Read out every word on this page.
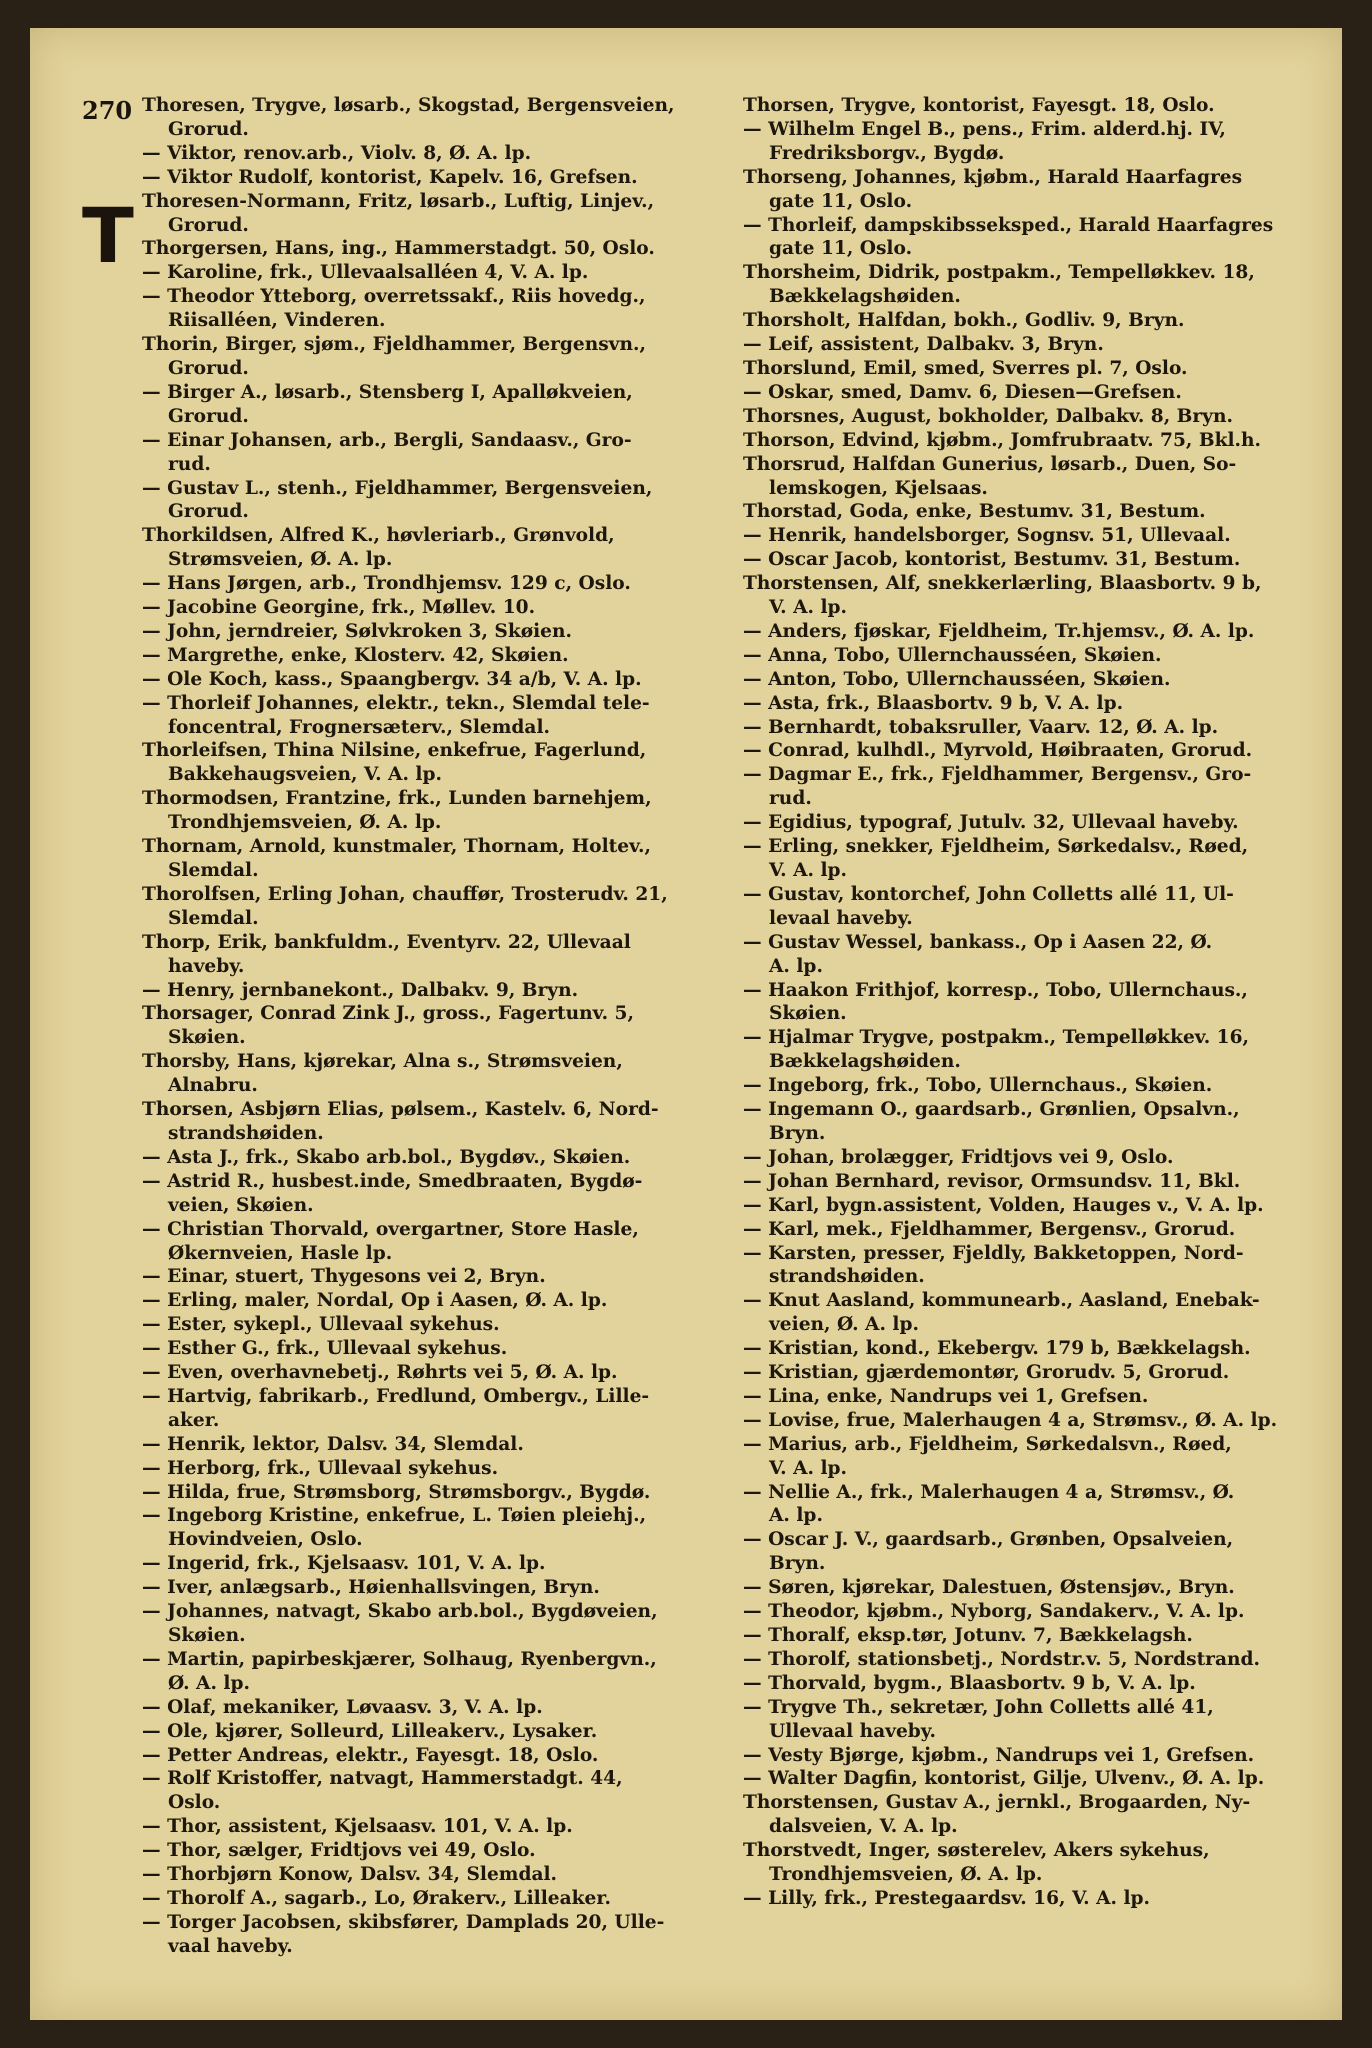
270
T
Thoresen, Trygve, løsarb., Skogstad, Bergensveien,
Grorud.
— Viktor, renov.arb., Violv. 8, Ø. A. lp.
— Viktor Rudolf, kontorist, Kapelv. 16, Grefsen.
Thoresen-Normann, Fritz, løsarb., Luftig, Linjev.,
Grorud.
Thorgersen, Hans, ing., Hammerstadgt. 50, Oslo.
— Karoline, frk., Ullevaalsalléen 4, V. A. lp.
— Theodor Ytteborg, overretssakf., Riis hovedg.,
Riisalléen, Vinderen.
Thorin, Birger, sjøm., Fjeldhammer, Bergensvn.,
Grorud.
— Birger A., løsarb., Stensberg I, Apalløkveien,
Grorud.
— Einar Johansen, arb., Bergli, Sandaasv., Gro-
rud.
— Gustav L., stenh., Fjeldhammer, Bergensveien,
Grorud.
Thorkildsen, Alfred K., høvleriarb., Grønvold,
Strømsveien, Ø. A. lp.
— Hans Jørgen, arb., Trondhjemsv. 129 c, Oslo.
— Jacobine Georgine, frk., Møllev. 10.
— John, jerndreier, Sølvkroken 3, Skøien.
— Margrethe, enke, Klosterv. 42, Skøien.
— Ole Koch, kass., Spaangbergv. 34 a/b, V. A. lp.
— Thorleif Johannes, elektr., tekn., Slemdal tele-
foncentral, Frognersæterv., Slemdal.
Thorleifsen, Thina Nilsine, enkefrue, Fagerlund,
Bakkehaugsveien, V. A. lp.
Thormodsen, Frantzine, frk., Lunden barnehjem,
Trondhjemsveien, Ø. A. lp.
Thornam, Arnold, kunstmaler, Thornam, Holtev.,
Slemdal.
Thorolfsen, Erling Johan, chauffør, Trosterudv. 21,
Slemdal.
Thorp, Erik, bankfuldm., Eventyrv. 22, Ullevaal
haveby.
— Henry, jernbanekont., Dalbakv. 9, Bryn.
Thorsager, Conrad Zink J., gross., Fagertunv. 5,
Skøien.
Thorsby, Hans, kjørekar, Alna s., Strømsveien,
Alnabru.
Thorsen, Asbjørn Elias, pølsem., Kastelv. 6, Nord-
strandshøiden.
— Asta J., frk., Skabo arb.bol., Bygdøv., Skøien.
— Astrid R., husbest.inde, Smedbraaten, Bygdø-
veien, Skøien.
— Christian Thorvald, overgartner, Store Hasle,
Økernveien, Hasle lp.
— Einar, stuert, Thygesons vei 2, Bryn.
— Erling, maler, Nordal, Op i Aasen, Ø. A. lp.
— Ester, sykepl., Ullevaal sykehus.
— Esther G., frk., Ullevaal sykehus.
— Even, overhavnebetj., Røhrts vei 5, Ø. A. lp.
— Hartvig, fabrikarb., Fredlund, Ombergv., Lille-
aker.
— Henrik, lektor, Dalsv. 34, Slemdal.
— Herborg, frk., Ullevaal sykehus.
— Hilda, frue, Strømsborg, Strømsborgv., Bygdø.
— Ingeborg Kristine, enkefrue, L. Tøien pleiehj.,
Hovindveien, Oslo.
— Ingerid, frk., Kjelsaasv. 101, V. A. lp.
— Iver, anlægsarb., Høienhallsvingen, Bryn.
— Johannes, natvagt, Skabo arb.bol., Bygdøveien,
Skøien.
— Martin, papirbeskjærer, Solhaug, Ryenbergvn.,
Ø. A. lp.
— Olaf, mekaniker, Løvaasv. 3, V. A. lp.
— Ole, kjører, Solleurd, Lilleakerv., Lysaker.
— Petter Andreas, elektr., Fayesgt. 18, Oslo.
— Rolf Kristoffer, natvagt, Hammerstadgt. 44,
Oslo.
— Thor, assistent, Kjelsaasv. 101, V. A. lp.
— Thor, sælger, Fridtjovs vei 49, Oslo.
— Thorbjørn Konow, Dalsv. 34, Slemdal.
— Thorolf A., sagarb., Lo, Ørakerv., Lilleaker.
— Torger Jacobsen, skibsfører, Damplads 20, Ulle-
vaal haveby.
Thorsen, Trygve, kontorist, Fayesgt. 18, Oslo.
— Wilhelm Engel B., pens., Frim. alderd.hj. IV,
Fredriksborgv., Bygdø.
Thorseng, Johannes, kjøbm., Harald Haarfagres
gate 11, Oslo.
— Thorleif, dampskibsseksped., Harald Haarfagres
gate 11, Oslo.
Thorsheim, Didrik, postpakm., Tempelløkkev. 18,
Bækkelagshøiden.
Thorsholt, Halfdan, bokh., Godliv. 9, Bryn.
— Leif, assistent, Dalbakv. 3, Bryn.
Thorslund, Emil, smed, Sverres pl. 7, Oslo.
— Oskar, smed, Damv. 6, Diesen—Grefsen.
Thorsnes, August, bokholder, Dalbakv. 8, Bryn.
Thorson, Edvind, kjøbm., Jomfrubraatv. 75, Bkl.h.
Thorsrud, Halfdan Gunerius, løsarb., Duen, So-
lemskogen, Kjelsaas.
Thorstad, Goda, enke, Bestumv. 31, Bestum.
— Henrik, handelsborger, Sognsv. 51, Ullevaal.
— Oscar Jacob, kontorist, Bestumv. 31, Bestum.
Thorstensen, Alf, snekkerlærling, Blaasbortv. 9 b,
V. A. lp.
— Anders, fjøskar, Fjeldheim, Tr.hjemsv., Ø. A. lp.
— Anna, Tobo, Ullernchausséen, Skøien.
— Anton, Tobo, Ullernchausséen, Skøien.
— Asta, frk., Blaasbortv. 9 b, V. A. lp.
— Bernhardt, tobaksruller, Vaarv. 12, Ø. A. lp.
— Conrad, kulhdl., Myrvold, Høibraaten, Grorud.
— Dagmar E., frk., Fjeldhammer, Bergensv., Gro-
rud.
— Egidius, typograf, Jutulv. 32, Ullevaal haveby.
— Erling, snekker, Fjeldheim, Sørkedalsv., Røed,
V. A. lp.
— Gustav, kontorchef, John Colletts allé 11, Ul-
levaal haveby.
— Gustav Wessel, bankass., Op i Aasen 22, Ø.
A. lp.
— Haakon Frithjof, korresp., Tobo, Ullernchaus.,
Skøien.
— Hjalmar Trygve, postpakm., Tempelløkkev. 16,
Bækkelagshøiden.
— Ingeborg, frk., Tobo, Ullernchaus., Skøien.
— Ingemann O., gaardsarb., Grønlien, Opsalvn.,
Bryn.
— Johan, brolægger, Fridtjovs vei 9, Oslo.
— Johan Bernhard, revisor, Ormsundsv. 11, Bkl.
— Karl, bygn.assistent, Volden, Hauges v., V. A. lp.
— Karl, mek., Fjeldhammer, Bergensv., Grorud.
— Karsten, presser, Fjeldly, Bakketoppen, Nord-
strandshøiden.
— Knut Aasland, kommunearb., Aasland, Enebak-
veien, Ø. A. lp.
— Kristian, kond., Ekebergv. 179 b, Bækkelagsh.
— Kristian, gjærdemontør, Grorudv. 5, Grorud.
— Lina, enke, Nandrups vei 1, Grefsen.
— Lovise, frue, Malerhaugen 4 a, Strømsv., Ø. A. lp.
— Marius, arb., Fjeldheim, Sørkedalsvn., Røed,
V. A. lp.
— Nellie A., frk., Malerhaugen 4 a, Strømsv., Ø.
A. lp.
— Oscar J. V., gaardsarb., Grønben, Opsalveien,
Bryn.
— Søren, kjørekar, Dalestuen, Østensjøv., Bryn.
— Theodor, kjøbm., Nyborg, Sandakerv., V. A. lp.
— Thoralf, eksp.tør, Jotunv. 7, Bækkelagsh.
— Thorolf, stationsbetj., Nordstr.v. 5, Nordstrand.
— Thorvald, bygm., Blaasbortv. 9 b, V. A. lp.
— Trygve Th., sekretær, John Colletts allé 41,
Ullevaal haveby.
— Vesty Bjørge, kjøbm., Nandrups vei 1, Grefsen.
— Walter Dagfin, kontorist, Gilje, Ulvenv., Ø. A. lp.
Thorstensen, Gustav A., jernkl., Brogaarden, Ny-
dalsveien, V. A. lp.
Thorstvedt, Inger, søsterelev, Akers sykehus,
Trondhjemsveien, Ø. A. lp.
— Lilly, frk., Prestegaardsv. 16, V. A. lp.
